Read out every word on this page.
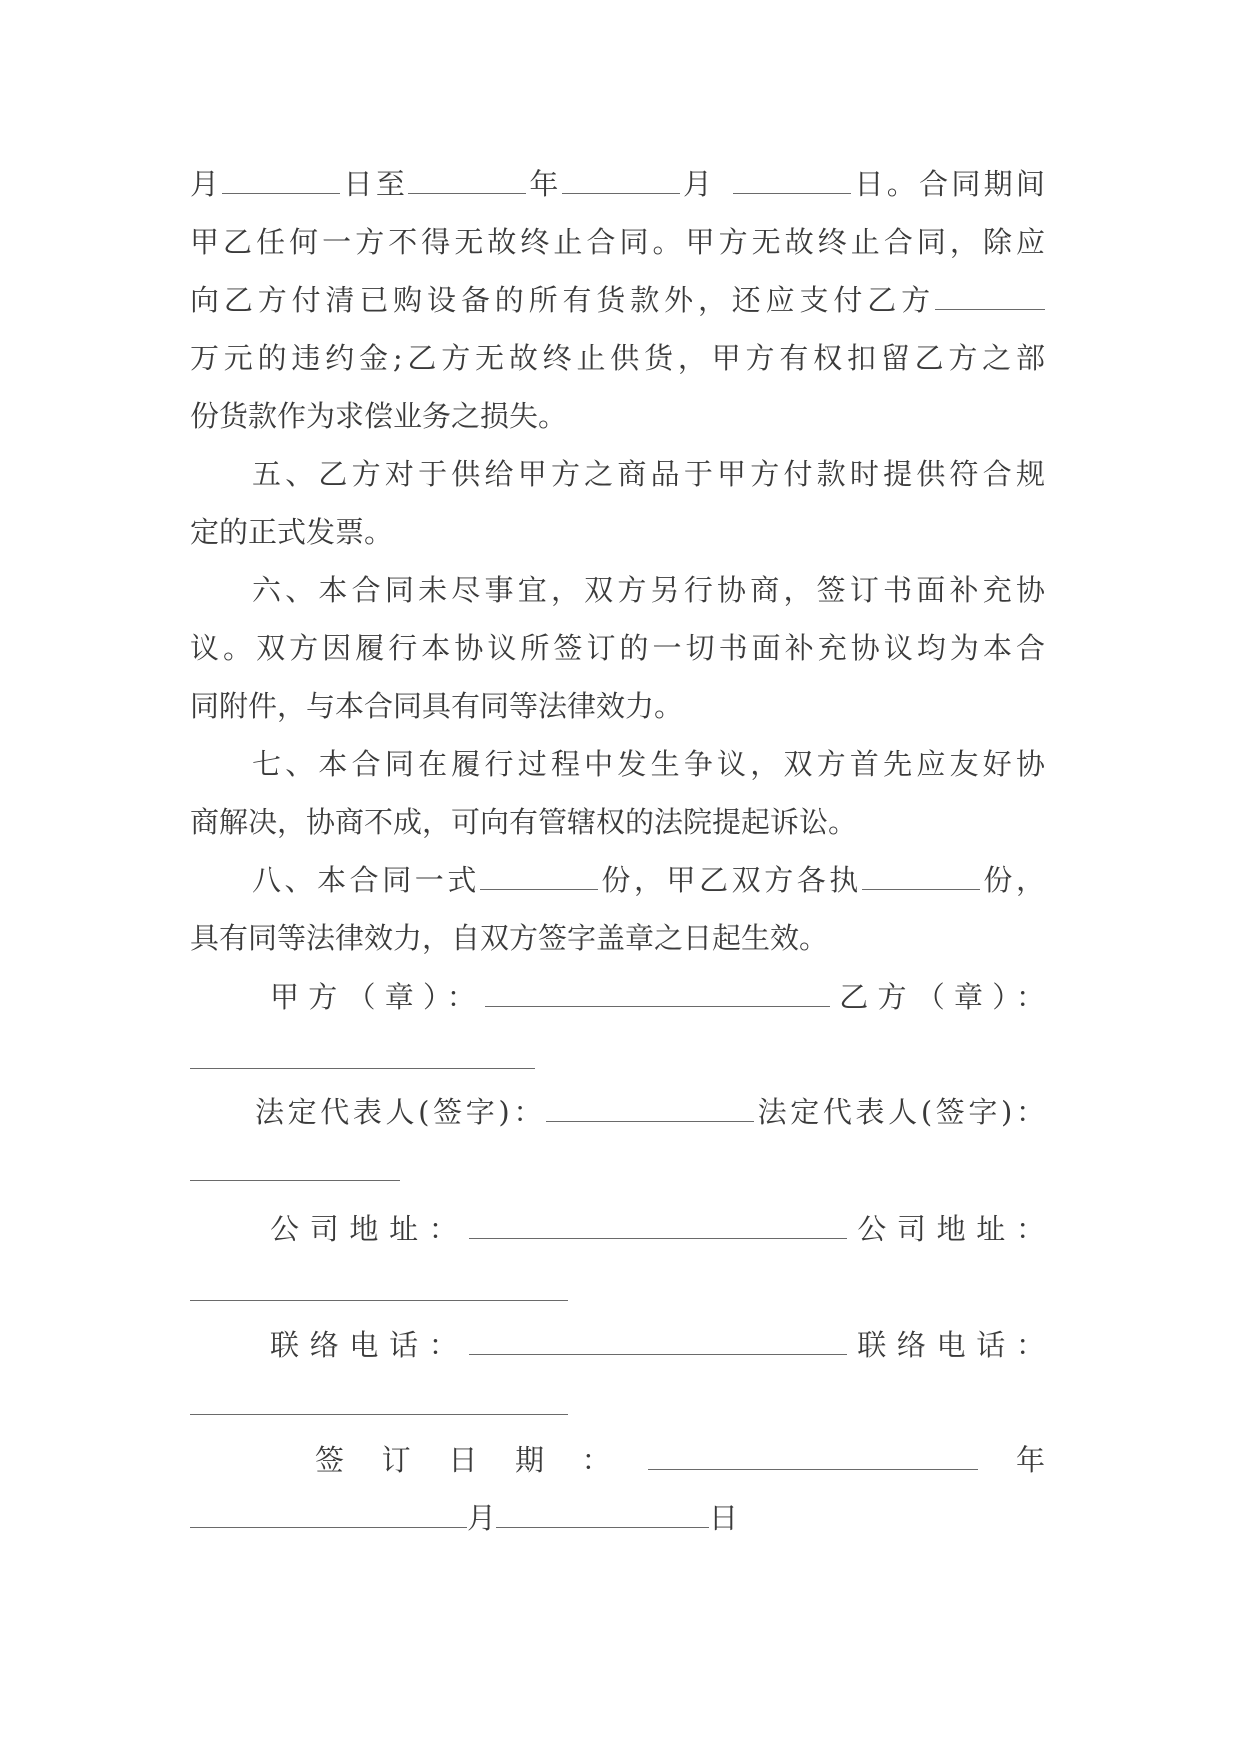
月	日至	年	月	日。合同期间
甲乙任何一方不得无故终止合同。甲方无故终止合同，除应
向乙方付清已购设备的所有货款外，还应支付乙方
万元的违约金;乙方无故终止供货，甲方有权扣留乙方之部
份货款作为求偿业务之损失。
五、乙方对于供给甲方之商品于甲方付款时提供符合规
定的正式发票。
六、本合同未尽事宜，双方另行协商，签订书面补充协
议。双方因履行本协议所签订的一切书面补充协议均为本合
同附件，与本合同具有同等法律效力。
七、本合同在履行过程中发生争议，双方首先应友好协
商解决，协商不成，可向有管辖权的法院提起诉讼。
八、本合同一式	份，甲乙双方各执	份，
具有同等法律效力，自双方签字盖章之日起生效。
甲方（章）：	乙方（章）：
法定代表人(签字)：	法定代表人(签字)：
公司地址：	公司地址：
联络电话：	联络电话：
签订日期：	年
月	日
